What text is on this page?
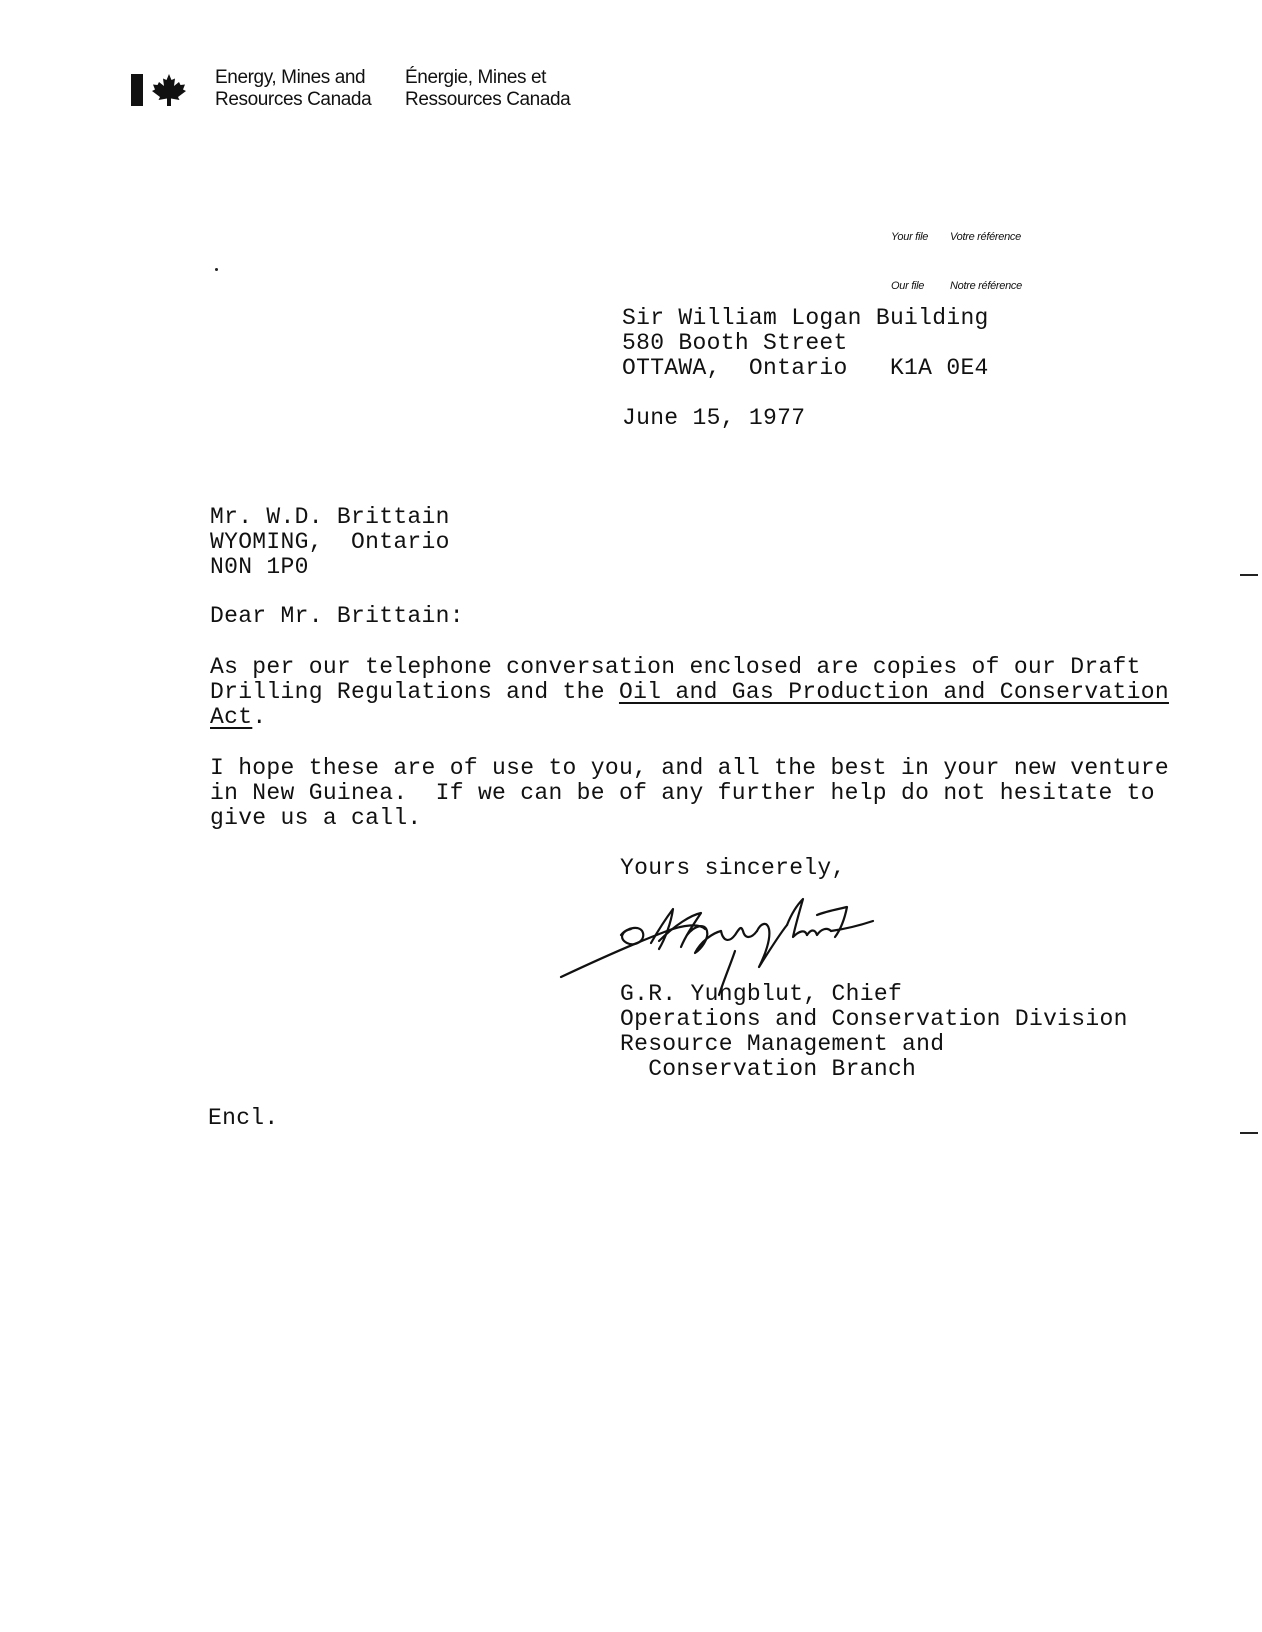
Energy, Mines and
Resources Canada
Énergie, Mines et
Ressources Canada
Your file Votre référence
Our file Notre référence
Sir William Logan Building
580 Booth Street
OTTAWA,  Ontario   K1A 0E4
June 15, 1977
Mr. W.D. Brittain
WYOMING,  Ontario
N0N 1P0
Dear Mr. Brittain:
As per our telephone conversation enclosed are copies of our Draft
Drilling Regulations and the Oil and Gas Production and Conservation
Act.
I hope these are of use to you, and all the best in your new venture
in New Guinea.  If we can be of any further help do not hesitate to
give us a call.
Yours sincerely,
G.R. Yungblut, Chief
Operations and Conservation Division
Resource Management and
Conservation Branch
Encl.
